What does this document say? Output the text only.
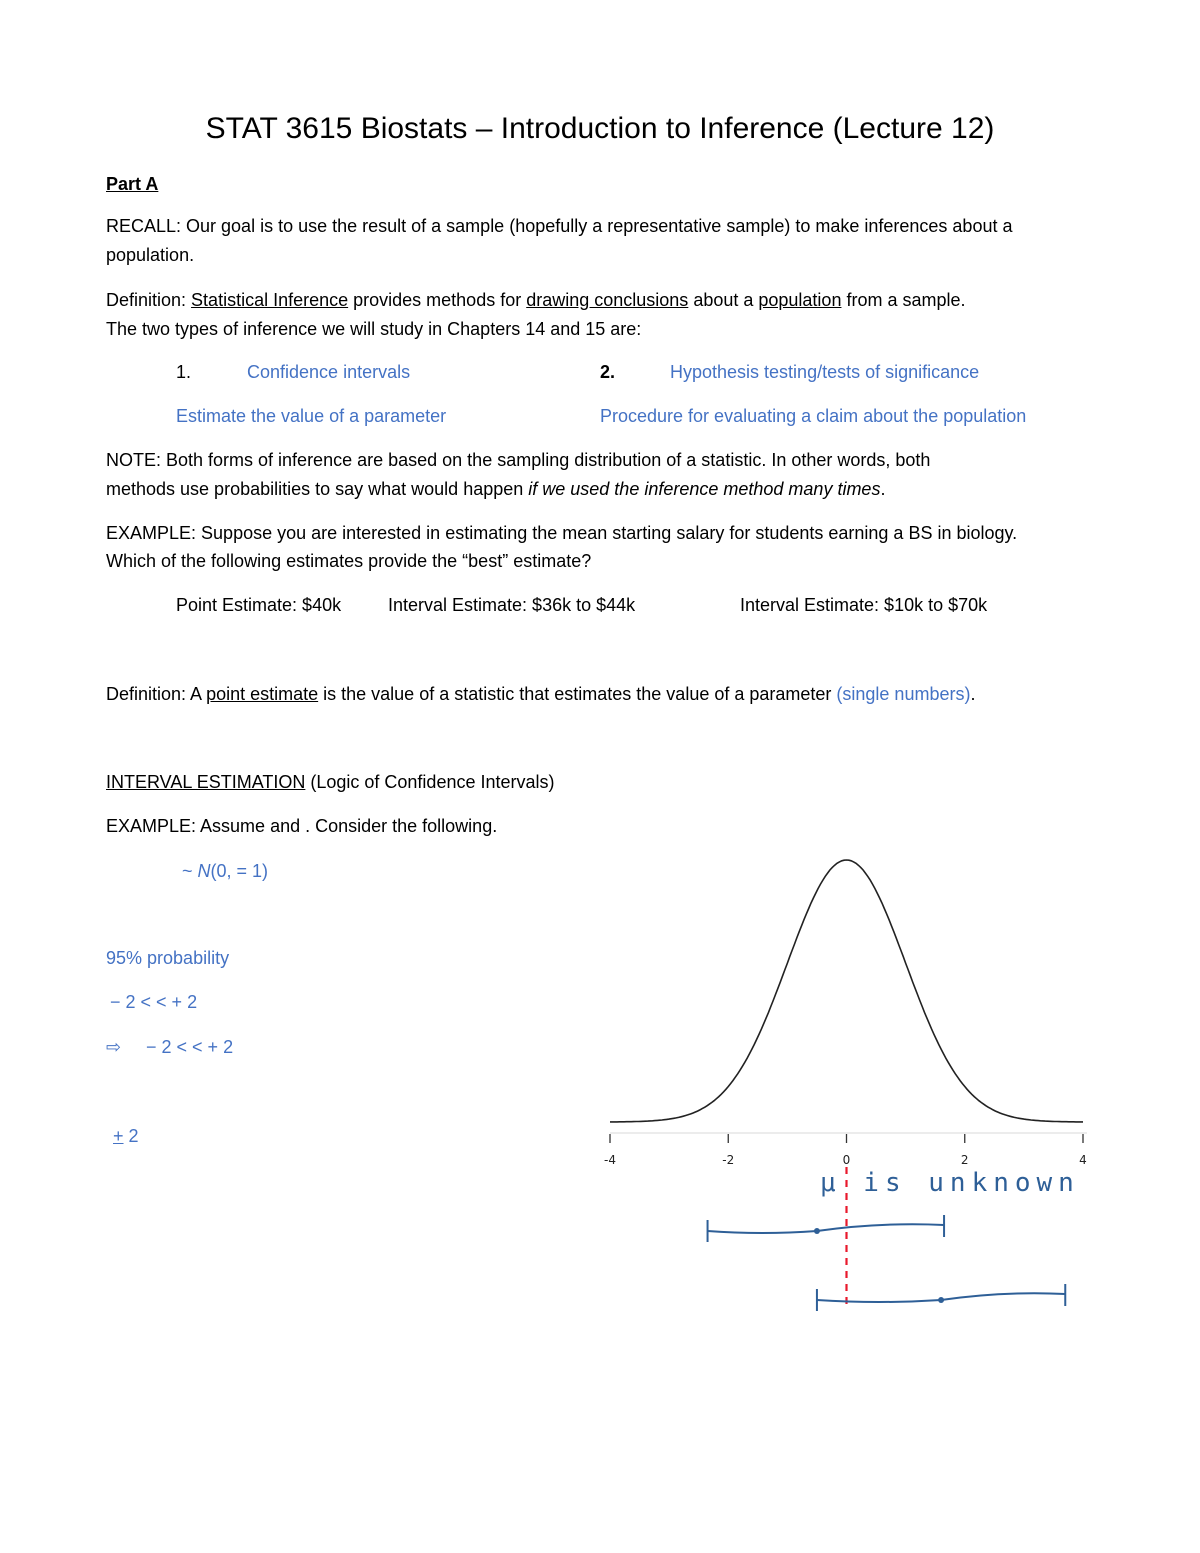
STAT 3615 Biostats – Introduction to Inference (Lecture 12)
Part A
RECALL: Our goal is to use the result of a sample (hopefully a representative sample) to make inferences about a
population.
Definition: Statistical Inference provides methods for drawing conclusions about a population from a sample.
The two types of inference we will study in Chapters 14 and 15 are:
1.	Confidence intervals	2.	Hypothesis testing/tests of significance
Estimate the value of a parameter	Procedure for evaluating a claim about the population
NOTE: Both forms of inference are based on the sampling distribution of a statistic. In other words, both
methods use probabilities to say what would happen if we used the inference method many times.
EXAMPLE: Suppose you are interested in estimating the mean starting salary for students earning a BS in biology.
Which of the following estimates provide the “best” estimate?
Point Estimate: $40k	Interval Estimate: $36k to $44k	Interval Estimate: $10k to $70k
Definition: A point estimate is the value of a statistic that estimates the value of a parameter (single numbers).
INTERVAL ESTIMATION (Logic of Confidence Intervals)
EXAMPLE: Assume and . Consider the following.
~ N(0, = 1)
95% probability
− 2 < < + 2
⇨ − 2 < < + 2
+ 2
-4	-2	0	2	4
μ is unknown
